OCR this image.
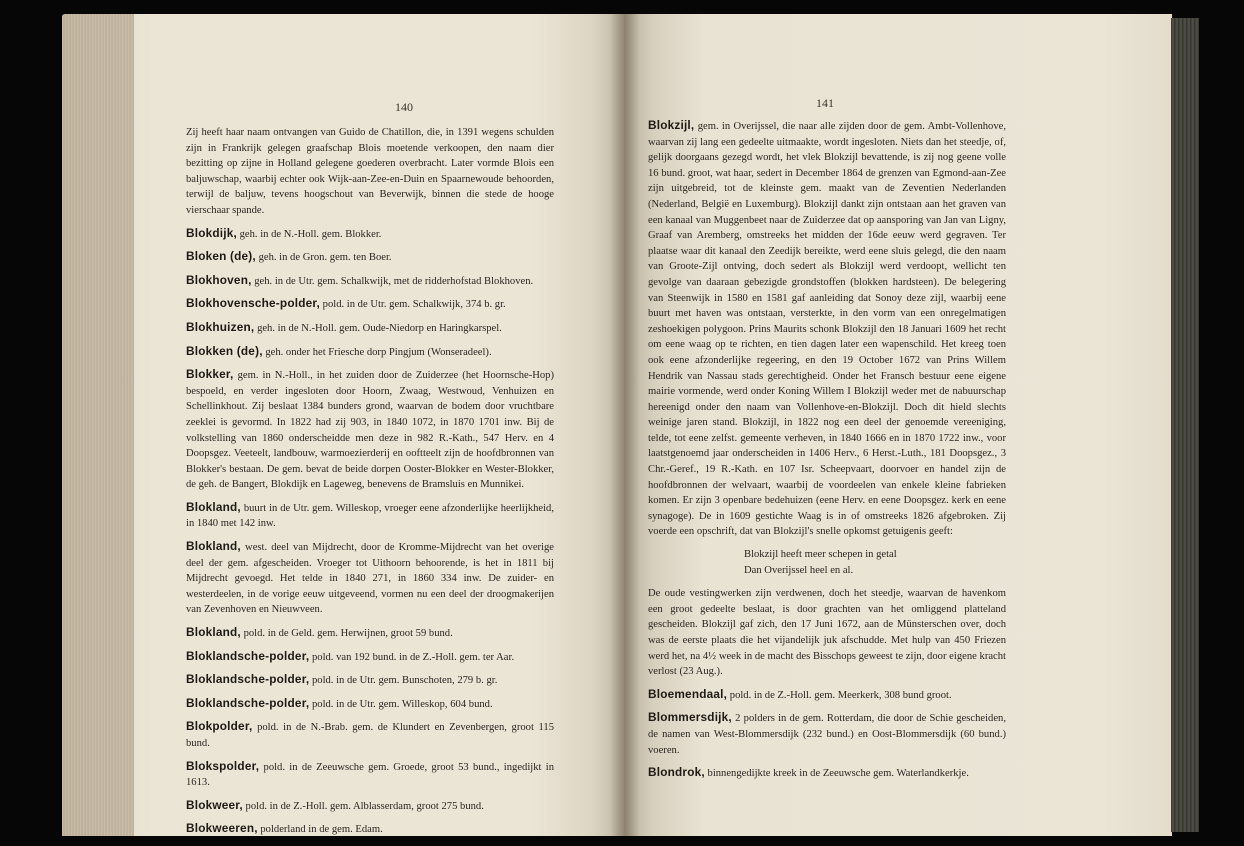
140	141

Zij heeft haar naam ontvangen van Guido de Chatillon, die, in 1391 wegens schulden zijn in Frankrijk gelegen graafschap Blois moetende verkoopen, den naam dier bezitting op zijne in Holland gelegene goederen overbracht. Later vormde Blois een baljuwschap, waarbij echter ook Wijk-aan-Zee-en-Duin en Spaarnewoude behoorden, terwijl de baljuw, tevens hoogschout van Beverwijk, binnen die stede de hooge vierschaar spande.

Blokdijk, geh. in de N.-Holl. gem. Blokker.

Bloken (de), geh. in de Gron. gem. ten Boer.

Blokhoven, geh. in de Utr. gem. Schalkwijk, met de ridderhofstad Blokhoven.

Blokhovensche-polder, pold. in de Utr. gem. Schalkwijk, 374 b. gr.

Blokhuizen, geh. in de N.-Holl. gem. Oude-Niedorp en Haringkarspel.

Blokken (de), geh. onder het Friesche dorp Pingjum (Wonseradeel).

Blokker, gem. in N.-Holl., in het zuiden door de Zuiderzee (het Hoornsche-Hop) bespoeld, en verder ingesloten door Hoorn, Zwaag, Westwoud, Venhuizen en Schellinkhout. Zij beslaat 1384 bunders grond, waarvan de bodem door vruchtbare zeeklei is gevormd. In 1822 had zij 903, in 1840 1072, in 1870 1701 inw. Bij de volkstelling van 1860 onderscheidde men deze in 982 R.-Kath., 547 Herv. en 4 Doopsgez. Veeteelt, landbouw, warmoezierderij en ooftteelt zijn de hoofdbronnen van Blokker's bestaan. De gem. bevat de beide dorpen Ooster-Blokker en Wester-Blokker, de geh. de Bangert, Blokdijk en Lageweg, benevens de Bramsluis en Munnikei.

Blokland, buurt in de Utr. gem. Willeskop, vroeger eene afzonderlijke heerlijkheid, in 1840 met 142 inw.

Blokland, west. deel van Mijdrecht, door de Kromme-Mijdrecht van het overige deel der gem. afgescheiden. Vroeger tot Uithoorn behoorende, is het in 1811 bij Mijdrecht gevoegd. Het telde in 1840 271, in 1860 334 inw. De zuider- en westerdeelen, in de vorige eeuw uitgeveend, vormen nu een deel der droogmakerijen van Zevenhoven en Nieuwveen.

Blokland, pold. in de Geld. gem. Herwijnen, groot 59 bund.

Bloklandsche-polder, pold. van 192 bund. in de Z.-Holl. gem. ter Aar.

Bloklandsche-polder, pold. in de Utr. gem. Bunschoten, 279 b. gr.

Bloklandsche-polder, pold. in de Utr. gem. Willeskop, 604 bund.

Blokpolder, pold. in de N.-Brab. gem. de Klundert en Zevenbergen, groot 115 bund.

Blokspolder, pold. in de Zeeuwsche gem. Groede, groot 53 bund., ingedijkt in 1613.

Blokweer, pold. in de Z.-Holl. gem. Alblasserdam, groot 275 bund.

Blokweeren, polderland in de gem. Edam.

Blokzijl, gem. in Overijssel, die naar alle zijden door de gem. Ambt-Vollenhove, waarvan zij lang een gedeelte uitmaakte, wordt ingesloten. Niets dan het steedje, of, gelijk doorgaans gezegd wordt, het vlek Blokzijl bevattende, is zij nog geene volle 16 bund. groot, wat haar, sedert in December 1864 de grenzen van Egmond-aan-Zee zijn uitgebreid, tot de kleinste gem. maakt van de Zeventien Nederlanden (Nederland, België en Luxemburg). Blokzijl dankt zijn ontstaan aan het graven van een kanaal van Muggenbeet naar de Zuiderzee dat op aansporing van Jan van Ligny, Graaf van Aremberg, omstreeks het midden der 16de eeuw werd gegraven. Ter plaatse waar dit kanaal den Zeedijk bereikte, werd eene sluis gelegd, die den naam van Groote-Zijl ontving, doch sedert als Blokzijl werd verdoopt, wellicht ten gevolge van daaraan gebezigde grondstoffen (blokken hardsteen). De belegering van Steenwijk in 1580 en 1581 gaf aanleiding dat Sonoy deze zijl, waarbij eene buurt met haven was ontstaan, versterkte, in den vorm van een onregelmatigen zeshoekigen polygoon. Prins Maurits schonk Blokzijl den 18 Januari 1609 het recht om eene waag op te richten, en tien dagen later een wapenschild. Het kreeg toen ook eene afzonderlijke regeering, en den 19 October 1672 van Prins Willem Hendrik van Nassau stads gerechtigheid. Onder het Fransch bestuur eene eigene mairie vormende, werd onder Koning Willem I Blokzijl weder met de nabuurschap hereenigd onder den naam van Vollenhove-en-Blokzijl. Doch dit hield slechts weinige jaren stand. Blokzijl, in 1822 nog een deel der genoemde vereeniging, telde, tot eene zelfst. gemeente verheven, in 1840 1666 en in 1870 1722 inw., voor laatstgenoemd jaar onderscheiden in 1406 Herv., 6 Herst.-Luth., 181 Doopsgez., 3 Chr.-Geref., 19 R.-Kath. en 107 Isr. Scheepvaart, doorvoer en handel zijn de hoofdbronnen der welvaart, waarbij de voordeelen van enkele kleine fabrieken komen. Er zijn 3 openbare bedehuizen (eene Herv. en eene Doopsgez. kerk en eene synagoge). De in 1609 gestichte Waag is in of omstreeks 1826 afgebroken. Zij voerde een opschrift, dat van Blokzijl's snelle opkomst getuigenis geeft:

Blokzijl heeft meer schepen in getal
Dan Overijssel heel en al.

De oude vestingwerken zijn verdwenen, doch het steedje, waarvan de havenkom een groot gedeelte beslaat, is door grachten van het omliggend platteland gescheiden. Blokzijl gaf zich, den 17 Juni 1672, aan de Münsterschen over, doch was de eerste plaats die het vijandelijk juk afschudde. Met hulp van 450 Friezen werd het, na 4½ week in de macht des Bisschops geweest te zijn, door eigene kracht verlost (23 Aug.).

Bloemendaal, pold. in de Z.-Holl. gem. Meerkerk, 308 bund groot.

Blommersdijk, 2 polders in de gem. Rotterdam, die door de Schie gescheiden, de namen van West-Blommersdijk (232 bund.) en Oost-Blommersdijk (60 bund.) voeren.

Blondrok, binnengedijkte kreek in de Zeeuwsche gem. Waterlandkerkje.
